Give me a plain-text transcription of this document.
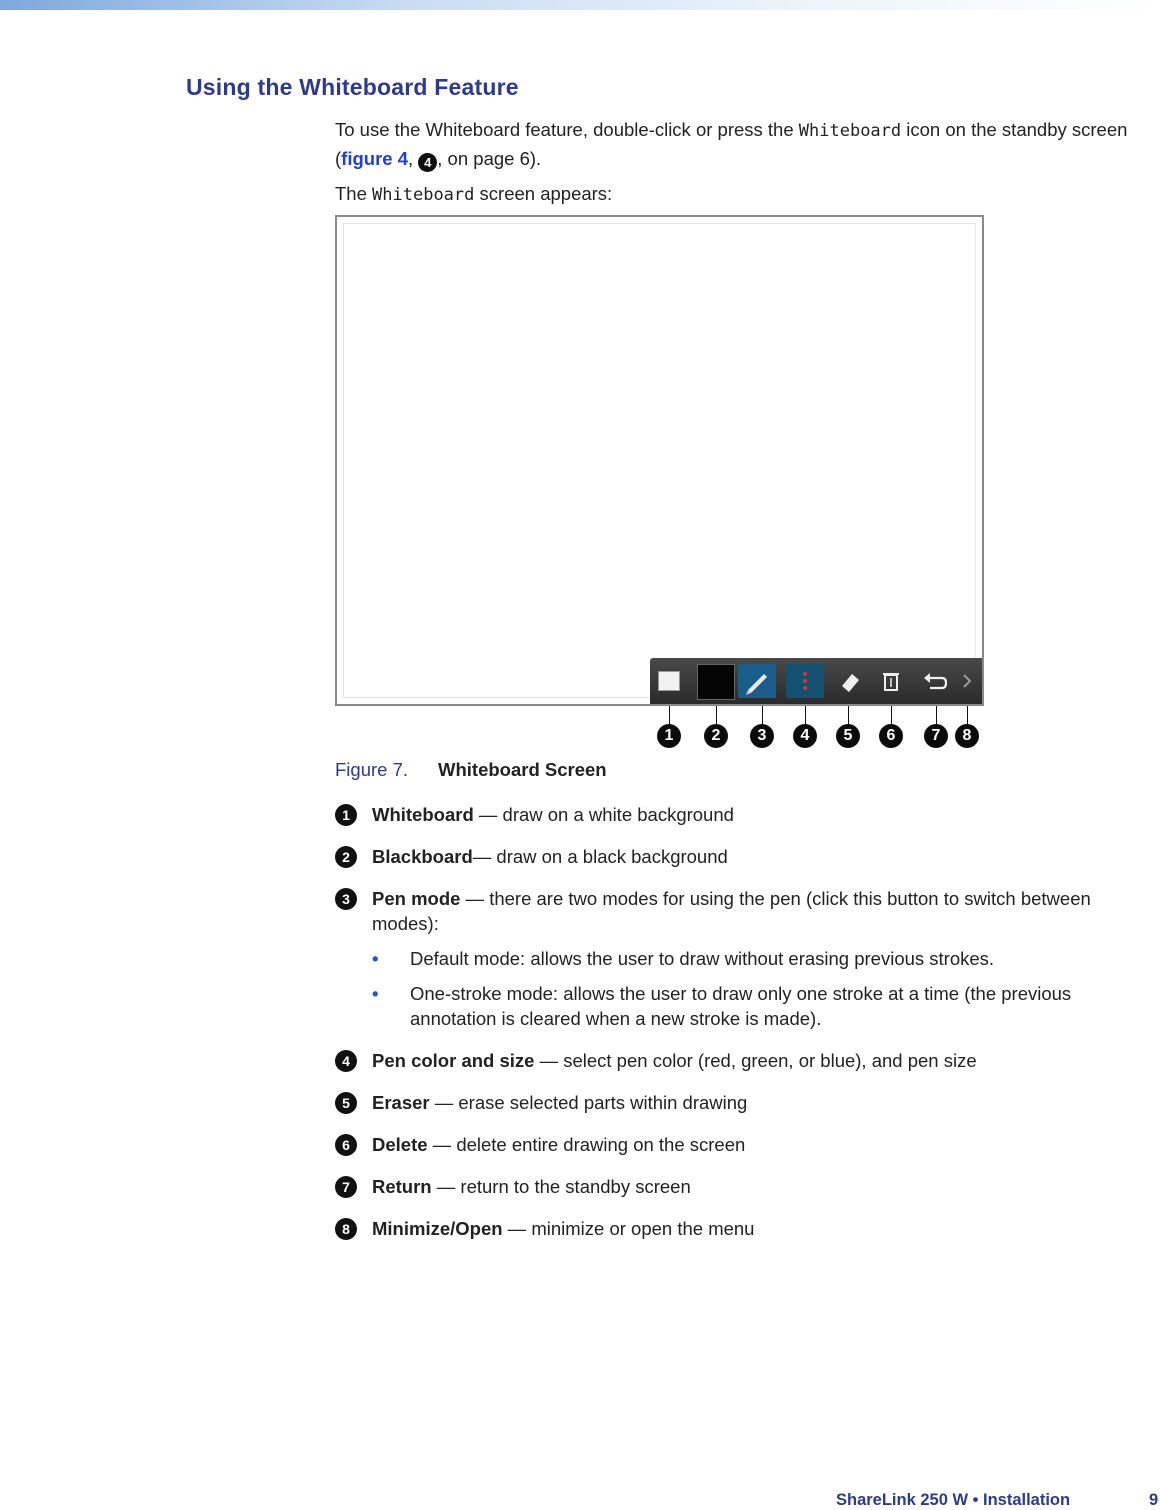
Using the Whiteboard Feature
To use the Whiteboard feature, double-click or press the Whiteboard icon on the standby screen (figure 4, 4 , on page 6).
The Whiteboard screen appears:
1	2	3	4	5	6	7	8
Figure 7. Whiteboard Screen
1	Whiteboard — draw on a white background
2	Blackboard— draw on a black background
3	Pen mode — there are two modes for using the pen (click this button to switch between modes):
• Default mode: allows the user to draw without erasing previous strokes.
• One-stroke mode: allows the user to draw only one stroke at a time (the previous annotation is cleared when a new stroke is made).
4	Pen color and size — select pen color (red, green, or blue), and pen size
5	Eraser — erase selected parts within drawing
6	Delete — delete entire drawing on the screen
7	Return — return to the standby screen
8	Minimize/Open — minimize or open the menu
ShareLink 250 W • Installation	9
